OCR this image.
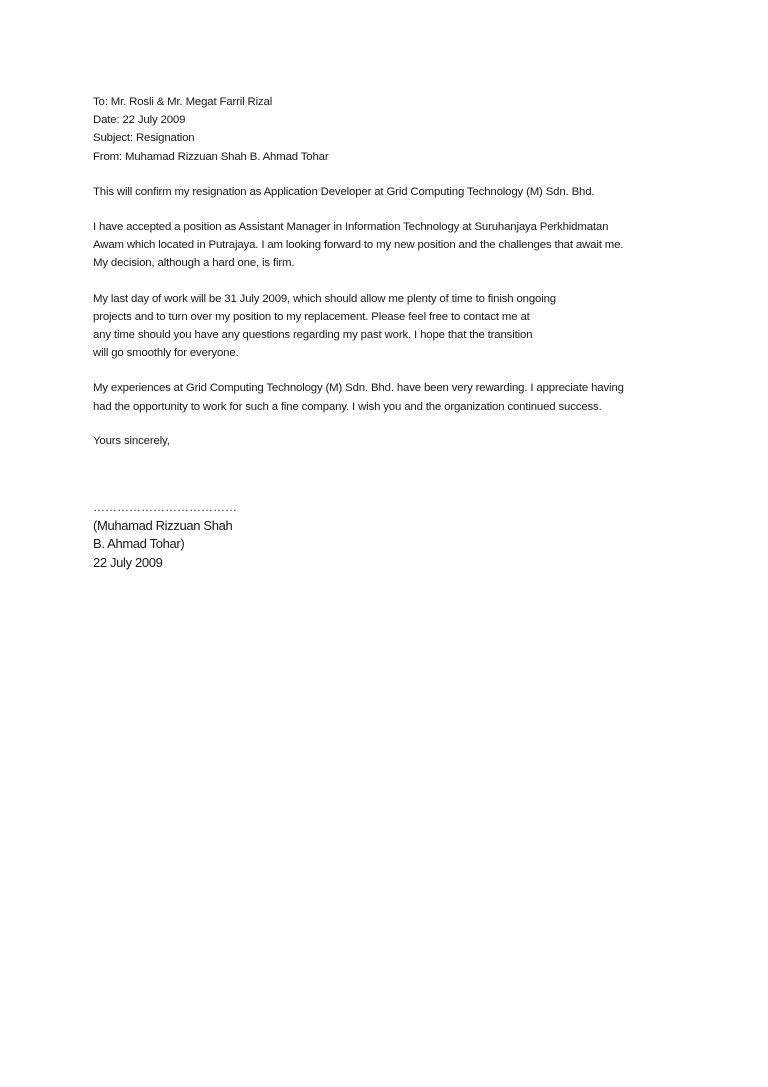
To: Mr. Rosli & Mr. Megat Farril Rizal
Date: 22 July 2009
Subject: Resignation
From: Muhamad Rizzuan Shah B. Ahmad Tohar
This will confirm my resignation as Application Developer at Grid Computing Technology (M) Sdn. Bhd.
I have accepted a position as Assistant Manager in Information Technology at Suruhanjaya Perkhidmatan
Awam which located in Putrajaya. I am looking forward to my new position and the challenges that await me.
My decision, although a hard one, is firm.
My last day of work will be 31 July 2009, which should allow me plenty of time to finish ongoing
projects and to turn over my position to my replacement. Please feel free to contact me at
any time should you have any questions regarding my past work. I hope that the transition
will go smoothly for everyone.
My experiences at Grid Computing Technology (M) Sdn. Bhd. have been very rewarding. I appreciate having
had the opportunity to work for such a fine company. I wish you and the organization continued success.
Yours sincerely,
………………………………
(Muhamad Rizzuan Shah
B. Ahmad Tohar)
22 July 2009
